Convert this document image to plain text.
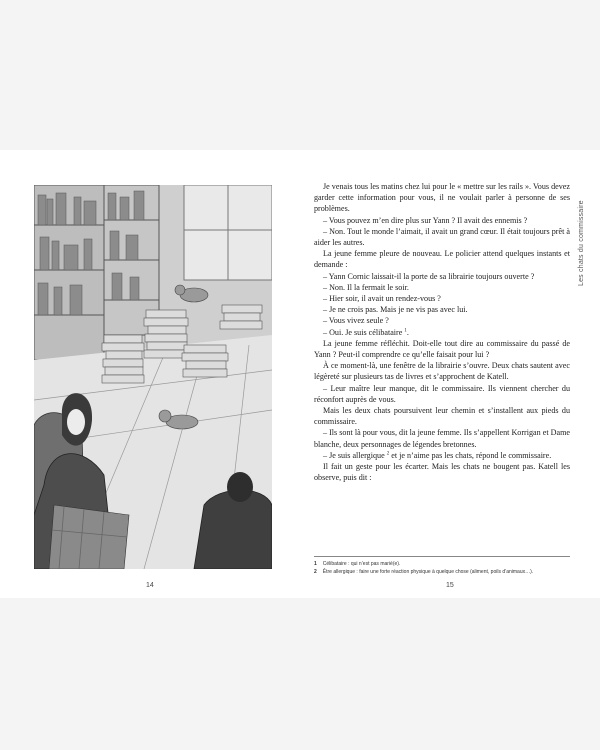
14

Je venais tous les matins chez lui pour le « mettre sur les rails ». Vous devez garder cette information pour vous, il ne voulait parler à personne de ses problèmes.

– Vous pouvez m’en dire plus sur Yann ? Il avait des ennemis ?

– Non. Tout le monde l’aimait, il avait un grand cœur. Il était toujours prêt à aider les autres.

La jeune femme pleure de nouveau. Le policier attend quelques instants et demande :

– Yann Cornic laissait-il la porte de sa librairie toujours ouverte ?

– Non. Il la fermait le soir.

– Hier soir, il avait un rendez-vous ?

– Je ne crois pas. Mais je ne vis pas avec lui.

– Vous vivez seule ?

– Oui. Je suis célibataire $^1$.

La jeune femme réfléchit. Doit-elle tout dire au commissaire du passé de Yann ? Peut-il comprendre ce qu’elle faisait pour lui ?

À ce moment-là, une fenêtre de la librairie s’ouvre. Deux chats sautent avec légèreté sur plusieurs tas de livres et s’approchent de Katell.

– Leur maître leur manque, dit le commissaire. Ils viennent chercher du réconfort auprès de vous.

Mais les deux chats poursuivent leur chemin et s’installent aux pieds du commissaire.

– Ils sont là pour vous, dit la jeune femme. Ils s’appellent Korrigan et Dame blanche, deux personnages de légendes bretonnes.

– Je suis allergique $^2$ et je n’aime pas les chats, répond le commissaire.

Il fait un geste pour les écarter. Mais les chats ne bougent pas. Katell les observe, puis dit :

1 Célibataire : qui n’est pas marié(e).
2 Être allergique : faire une forte réaction physique à quelque chose (aliment, poils d’animaux…).
15
Les chats du commissaire
